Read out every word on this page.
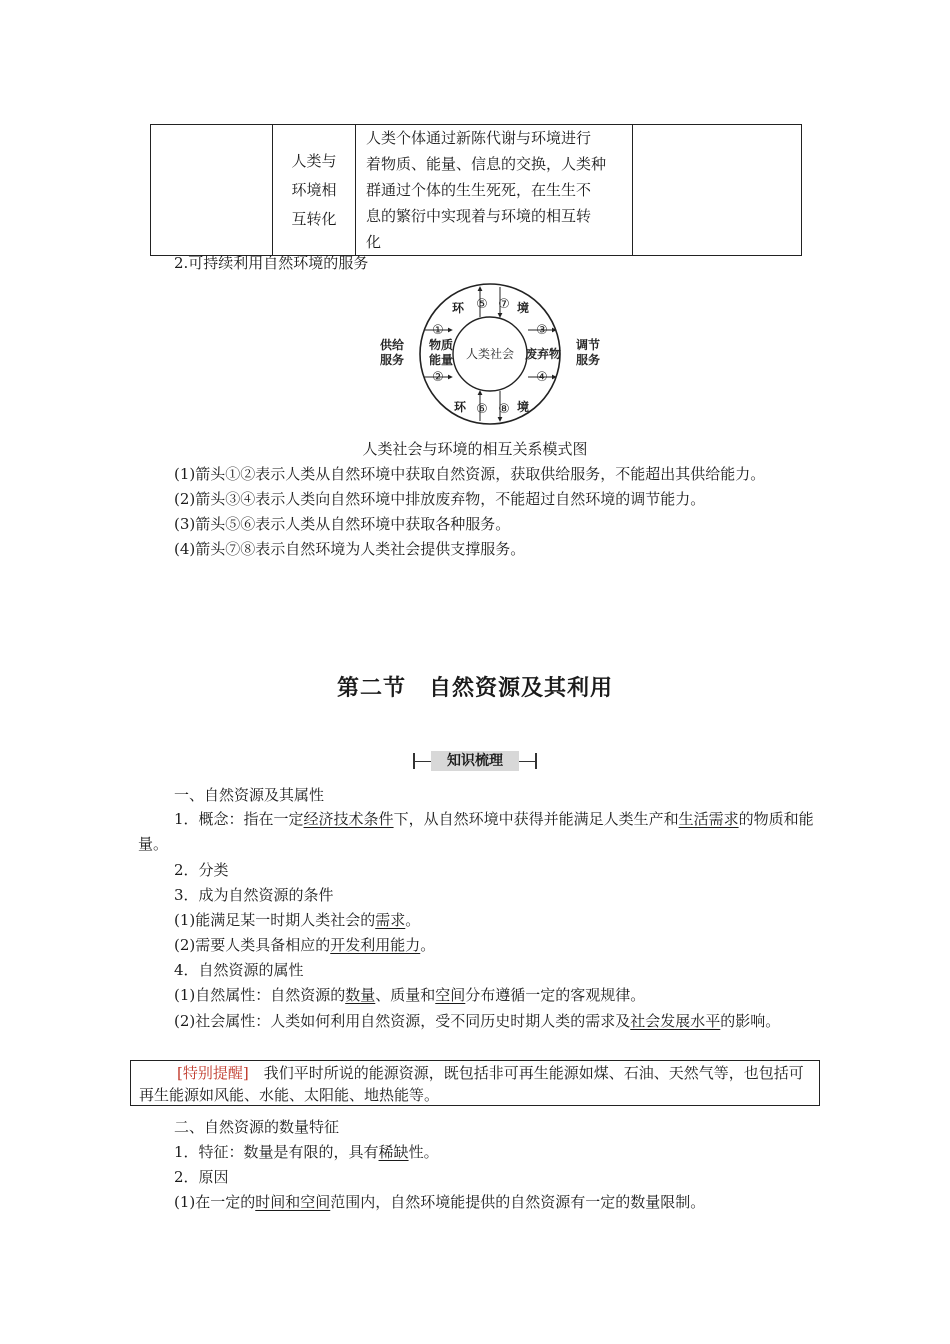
人类与
环境相
互转化

人类个体通过新陈代谢与环境进行
着物质、能量、信息的交换，人类种
群通过个体的生生死死，在生生不
息的繁衍中实现着与环境的相互转
化

2.可持续利用自然环境的服务
供给
服务
调节
服务
人类社会
物质
能量	废弃物
环	境
环	境
①
②
③
④
⑤
⑥
⑦
⑧
人类社会与环境的相互关系模式图
(1)箭头①②表示人类从自然环境中获取自然资源，获取供给服务，不能超出其供给能力。
(2)箭头③④表示人类向自然环境中排放废弃物，不能超过自然环境的调节能力。
(3)箭头⑤⑥表示人类从自然环境中获取各种服务。
(4)箭头⑦⑧表示自然环境为人类社会提供支撑服务。
第二节　自然资源及其利用
知识梳理
一、自然资源及其属性
1．概念：指在一定经济技术条件下，从自然环境中获得并能满足人类生产和生活需求的物质和能量。
2．分类
3．成为自然资源的条件
(1)能满足某一时期人类社会的需求。
(2)需要人类具备相应的开发利用能力。
4．自然资源的属性
(1)自然属性：自然资源的数量、质量和空间分布遵循一定的客观规律。
(2)社会属性：人类如何利用自然资源，受不同历史时期人类的需求及社会发展水平的影响。
[特别提醒]　我们平时所说的能源资源，既包括非可再生能源如煤、石油、天然气等，也包括可再生能源如风能、水能、太阳能、地热能等。
二、自然资源的数量特征
1．特征：数量是有限的，具有稀缺性。
2．原因
(1)在一定的时间和空间范围内，自然环境能提供的自然资源有一定的数量限制。
